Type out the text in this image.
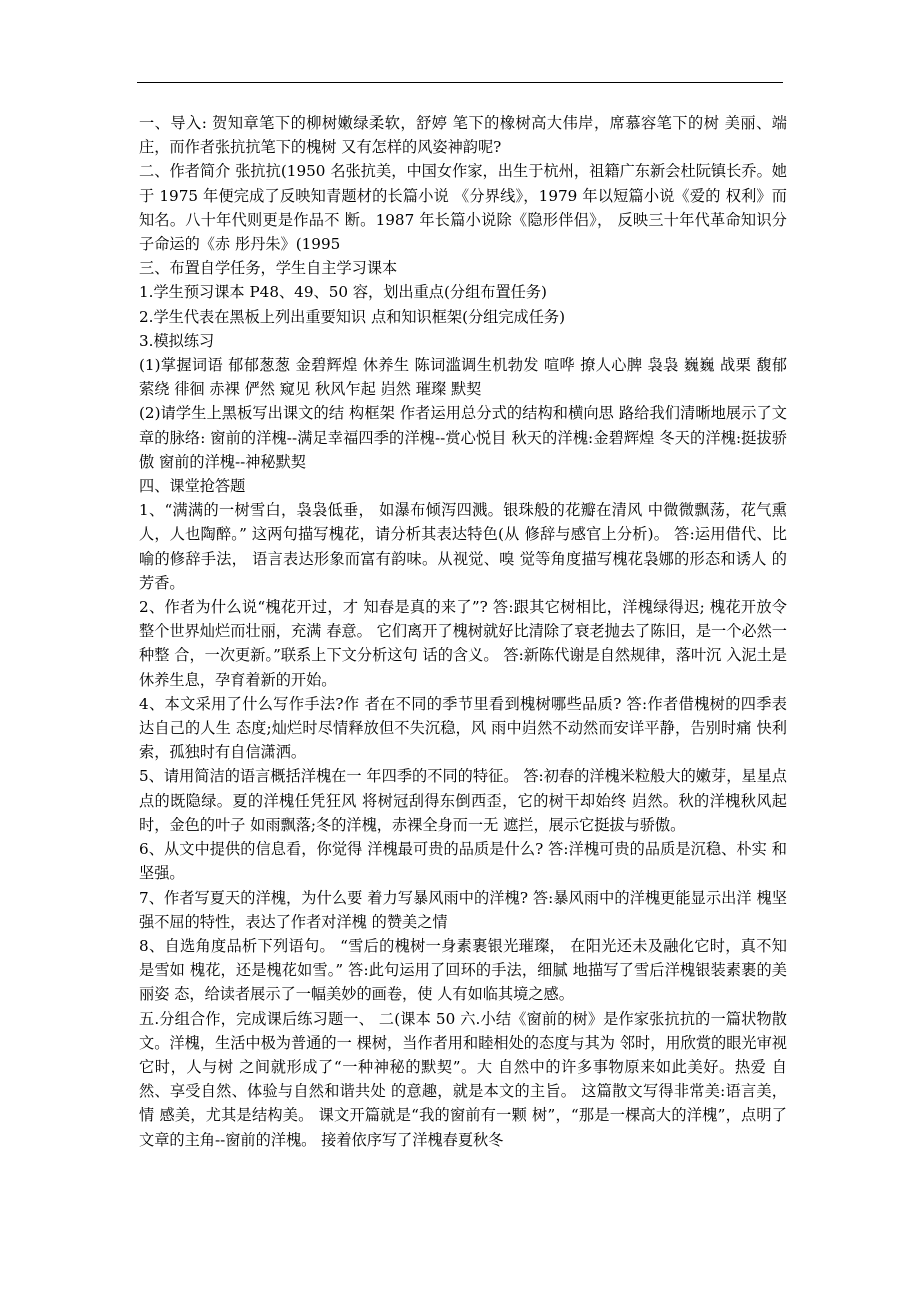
一、导入: 贺知章笔下的柳树嫩绿柔软，舒婷 笔下的橡树高大伟岸，席慕容笔下的树 美丽、端庄，而作者张抗抗笔下的槐树 又有怎样的风姿神韵呢?

二、作者简介 张抗抗(1950 名张抗美，中国女作家，出生于杭州，祖籍广东新会杜阮镇长乔。她于 1975 年便完成了反映知青题材的长篇小说 《分界线》，1979 年以短篇小说《爱的 权利》而知名。八十年代则更是作品不 断。1987 年长篇小说除《隐形伴侣》， 反映三十年代革命知识分子命运的《赤 彤丹朱》(1995

三、布置自学任务，学生自主学习课本

1.学生预习课本 P48、49、50 容，划出重点(分组布置任务)

2.学生代表在黑板上列出重要知识 点和知识框架(分组完成任务)

3.模拟练习

(1)掌握词语 郁郁葱葱 金碧辉煌 休养生 陈词滥调生机勃发 喧哗 撩人心脾 袅袅 巍巍 战栗 馥郁 萦绕 徘徊 赤裸 俨然 窥见 秋风乍起 岿然 璀璨 默契

(2)请学生上黑板写出课文的结 构框架 作者运用总分式的结构和横向思 路给我们清晰地展示了文章的脉络: 窗前的洋槐--满足幸福四季的洋槐--赏心悦目 秋天的洋槐:金碧辉煌 冬天的洋槐:挺拔骄傲 窗前的洋槐--神秘默契

四、课堂抢答题

1、“满满的一树雪白，袅袅低垂， 如瀑布倾泻四溅。银珠般的花瓣在清风 中微微飘荡，花气熏人，人也陶醉。” 这两句描写槐花，请分析其表达特色(从 修辞与感官上分析)。 答:运用借代、比喻的修辞手法， 语言表达形象而富有韵味。从视觉、嗅 觉等角度描写槐花袅娜的形态和诱人 的芳香。

2、作者为什么说“槐花开过，才 知春是真的来了”? 答:跟其它树相比，洋槐绿得迟; 槐花开放令整个世界灿烂而壮丽，充满 春意。 它们离开了槐树就好比清除了衰老抛去了陈旧，是一个必然一种整 合，一次更新。”联系上下文分析这句 话的含义。 答:新陈代谢是自然规律，落叶沉 入泥土是休养生息，孕育着新的开始。

4、本文采用了什么写作手法?作 者在不同的季节里看到槐树哪些品质? 答:作者借槐树的四季表达自己的人生 态度;灿烂时尽情释放但不失沉稳，风 雨中岿然不动然而安详平静，告别时痛 快利索，孤独时有自信潇洒。

5、请用简洁的语言概括洋槐在一 年四季的不同的特征。 答:初春的洋槐米粒般大的嫩芽，星星点点的既隐绿。夏的洋槐任凭狂风 将树冠刮得东倒西歪，它的树干却始终 岿然。秋的洋槐秋风起时，金色的叶子 如雨飘落;冬的洋槐，赤裸全身而一无 遮拦，展示它挺拔与骄傲。

6、从文中提供的信息看，你觉得 洋槐最可贵的品质是什么? 答:洋槐可贵的品质是沉稳、朴实 和坚强。

7、作者写夏天的洋槐，为什么要 着力写暴风雨中的洋槐? 答:暴风雨中的洋槐更能显示出洋 槐坚强不屈的特性，表达了作者对洋槐 的赞美之情

8、自选角度品析下列语句。 “雪后的槐树一身素裹银光璀璨， 在阳光还未及融化它时，真不知是雪如 槐花，还是槐花如雪。” 答:此句运用了回环的手法，细腻 地描写了雪后洋槐银装素裹的美丽姿 态，给读者展示了一幅美妙的画卷，使 人有如临其境之感。

五.分组合作，完成课后练习题一、 二(课本 50 六.小结《窗前的树》是作家张抗抗的一篇状物散文。洋槐，生活中极为普通的一 棵树，当作者用和睦相处的态度与其为 邻时，用欣赏的眼光审视它时，人与树 之间就形成了“一种神秘的默契”。大 自然中的许多事物原来如此美好。热爱 自然、享受自然、体验与自然和谐共处 的意趣，就是本文的主旨。 这篇散文写得非常美:语言美，情 感美，尤其是结构美。 课文开篇就是“我的窗前有一颗 树”，“那是一棵高大的洋槐”，点明了 文章的主角--窗前的洋槐。 接着依序写了洋槐春夏秋冬
